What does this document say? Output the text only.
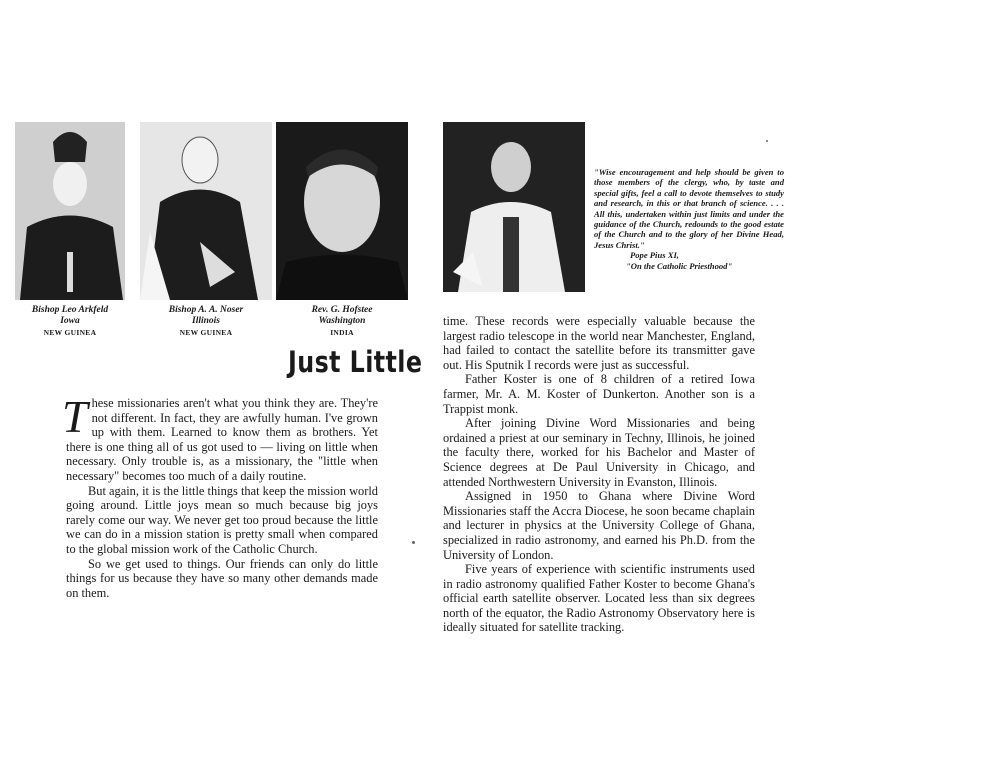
Bishop Leo Arkfeld
Iowa
NEW GUINEA
Bishop A. A. Noser
Illinois
NEW GUINEA
Rev. G. Hofstee
Washington
INDIA
Just Little

These missionaries aren't what you think they are. They're not different. In fact, they are awfully human. I've grown up with them. Learned to know them as brothers. Yet there is one thing all of us got used to — living on little when necessary. Only trouble is, as a missionary, the "little when necessary" becomes too much of a daily routine.

But again, it is the little things that keep the mission world going around. Little joys mean so much because big joys rarely come our way. We never get too proud because the little we can do in a mission station is pretty small when compared to the global mission work of the Catholic Church.

So we get used to things. Our friends can only do little things for us because they have so many other demands made on them.

"Wise encouragement and help should be given to those members of the clergy, who, by taste and special gifts, feel a call to devote themselves to study and research, in this or that branch of science. . . . All this, undertaken within just limits and under the guidance of the Church, redounds to the good estate of the Church and to the glory of her Divine Head, Jesus Christ."
Pope Pius XI,
"On the Catholic Priesthood"

time. These records were especially valuable because the largest radio telescope in the world near Manchester, England, had failed to contact the satellite before its transmitter gave out. His Sputnik I records were just as successful.

Father Koster is one of 8 children of a retired Iowa farmer, Mr. A. M. Koster of Dunkerton. Another son is a Trappist monk.

After joining Divine Word Missionaries and being ordained a priest at our seminary in Techny, Illinois, he joined the faculty there, worked for his Bachelor and Master of Science degrees at De Paul University in Chicago, and attended Northwestern University in Evanston, Illinois.

Assigned in 1950 to Ghana where Divine Word Missionaries staff the Accra Diocese, he soon became chaplain and lecturer in physics at the University College of Ghana, specialized in radio astronomy, and earned his Ph.D. from the University of London.

Five years of experience with scientific instruments used in radio astronomy qualified Father Koster to become Ghana's official earth satellite observer. Located less than six degrees north of the equator, the Radio Astronomy Observatory here is ideally situated for satellite tracking.
